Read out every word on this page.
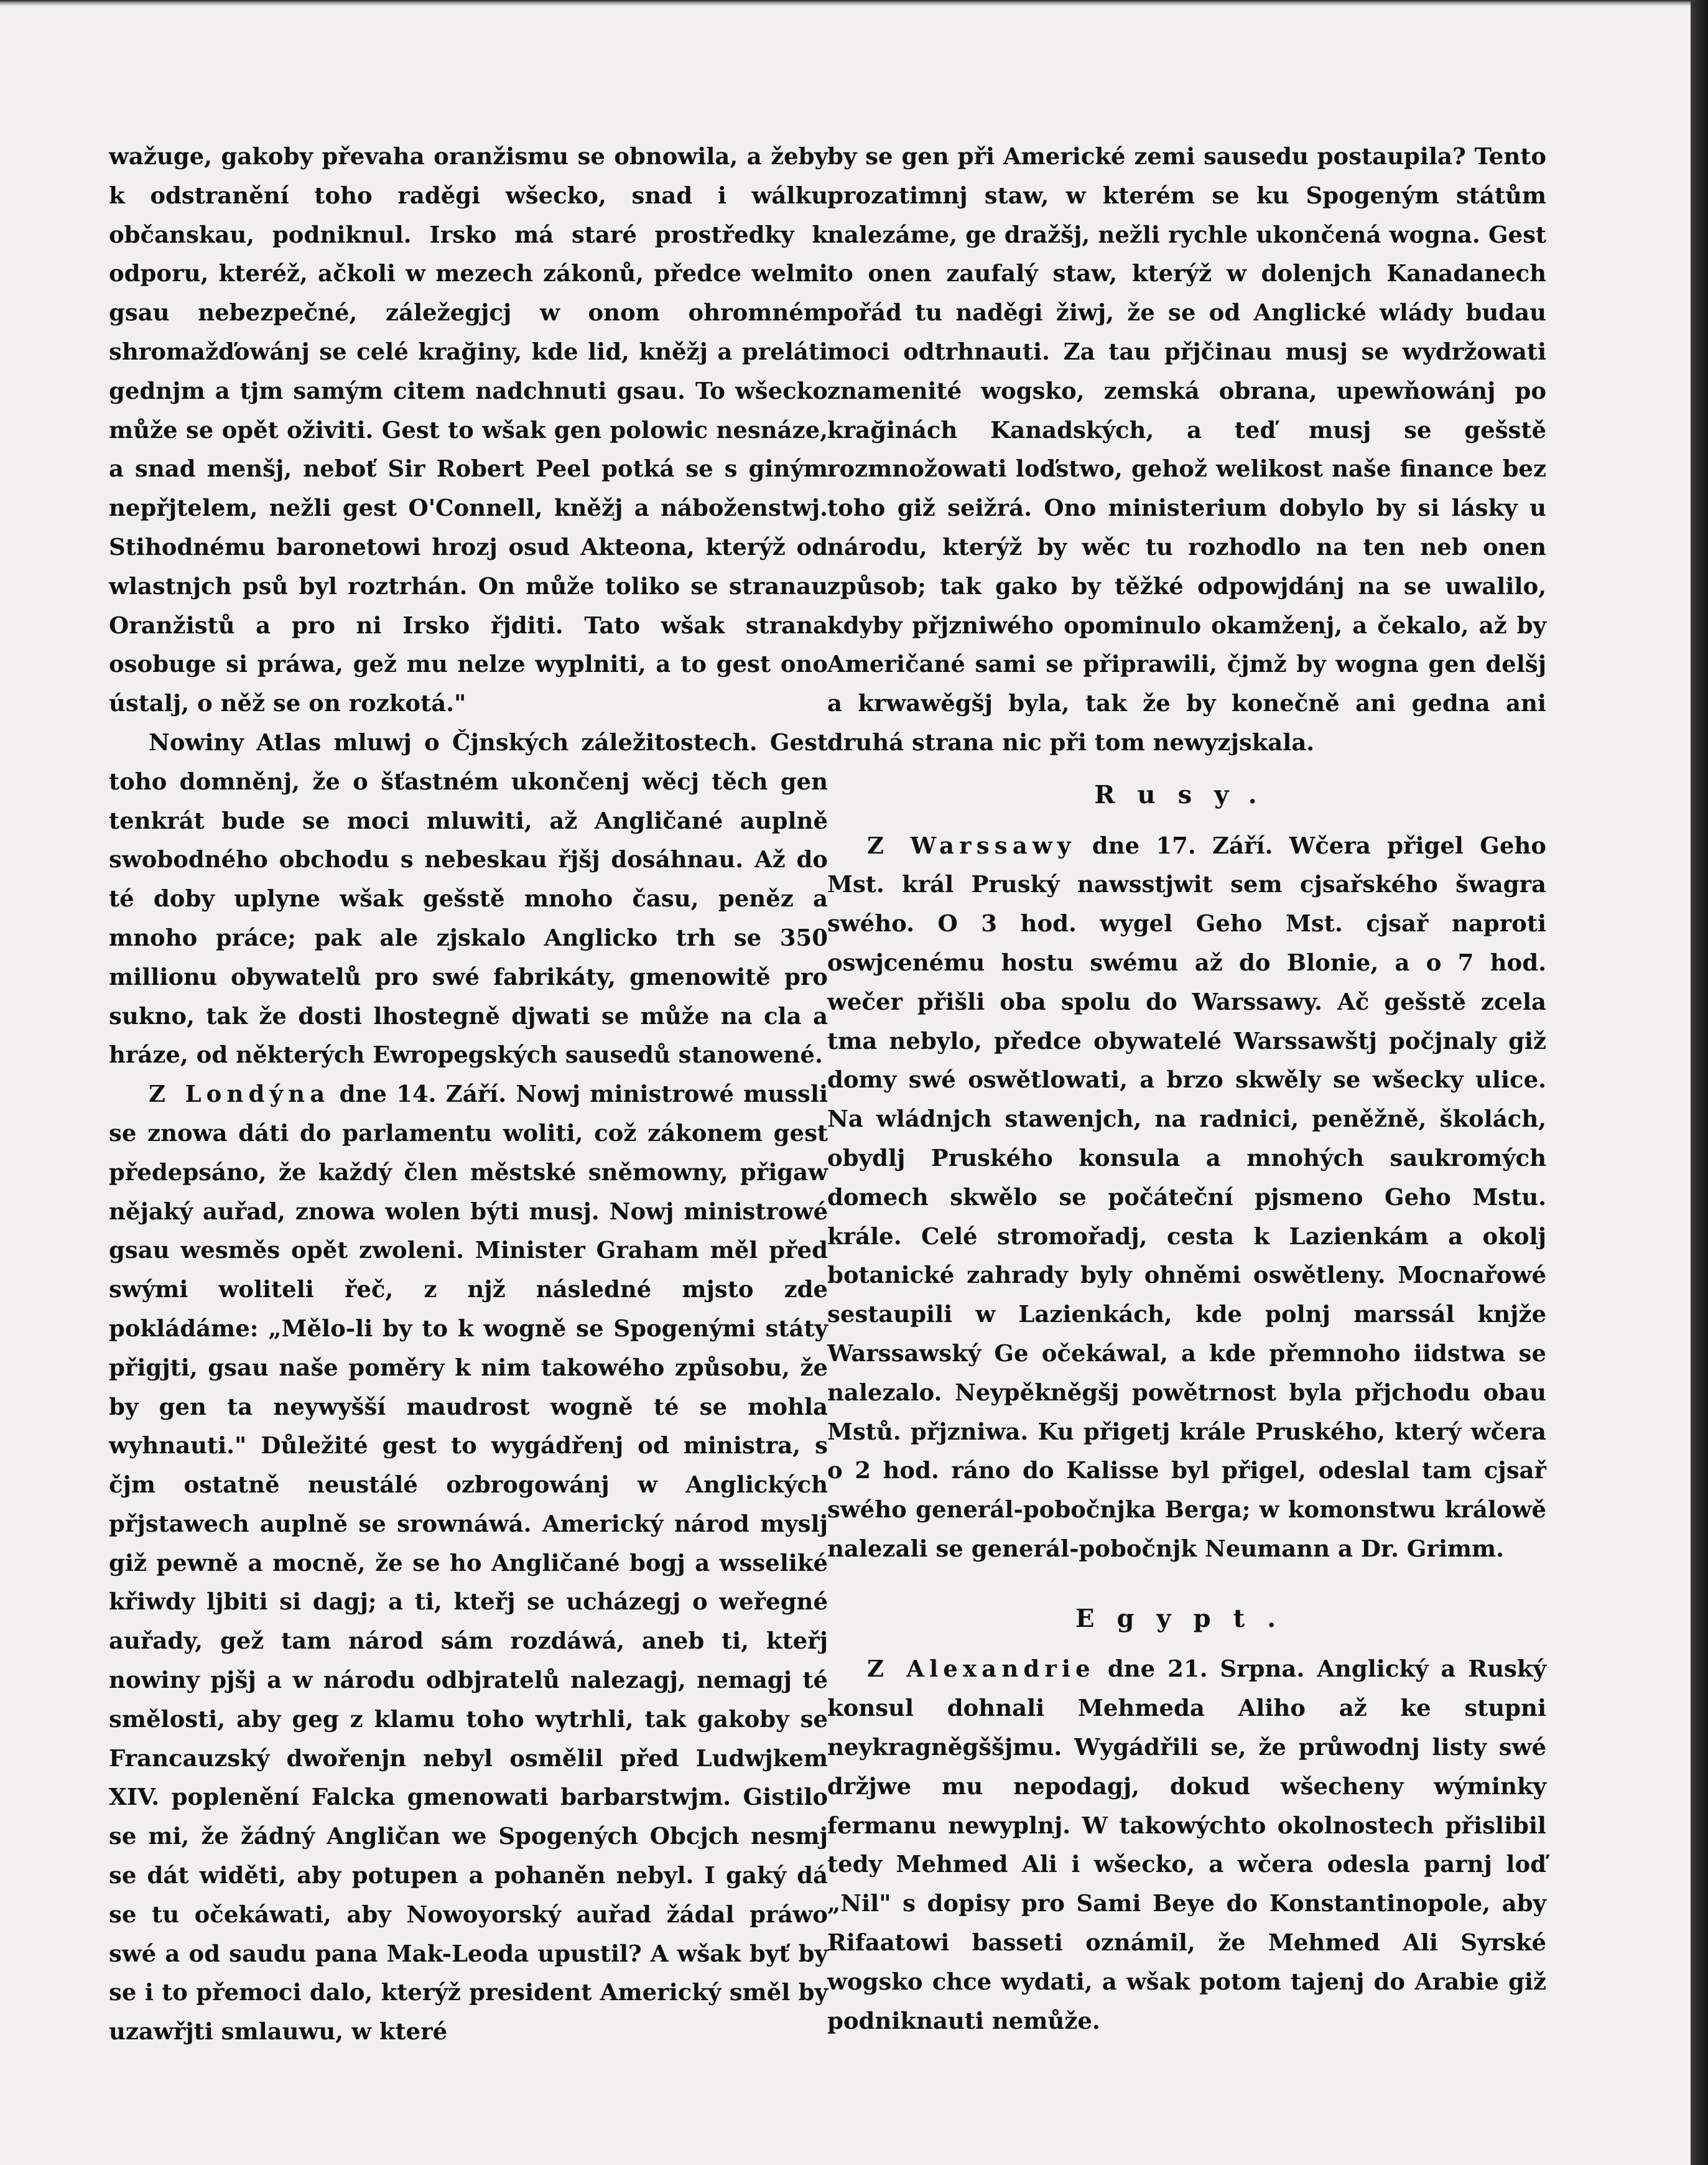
wažuge, gakoby převaha oranžismu se obnowila, a žeby k odstranění toho raděgi wšecko, snad i wálku občanskau, podniknul. Irsko má staré prostředky k odporu, kteréž, ačkoli w mezech zákonů, předce welmi gsau nebezpečné, záležegjcj w onom ohromném shromažďowánj se celé krağiny, kde lid, kněžj a preláti gednjm a tjm samým citem nadchnuti gsau. To wšecko může se opět oživiti. Gest to wšak gen polowic nesnáze, a snad menšj, neboť Sir Robert Peel potká se s giným nepřjtelem, nežli gest O'Connell, kněžj a náboženstwj. Stihodnému baronetowi hrozj osud Akteona, kterýž od wlastnjch psů byl roztrhán. On může toliko se stranau Oranžistů a pro ni Irsko řjditi. Tato wšak strana osobuge si práwa, gež mu nelze wyplniti, a to gest ono ústalj, o něž se on rozkotá."

Nowiny Atlas mluwj o Čjnských záležitostech. Gest toho domněnj, že o šťastném ukončenj wěcj těch gen tenkrát bude se moci mluwiti, až Angličané auplně swobodného obchodu s nebeskau řjšj dosáhnau. Až do té doby uplyne wšak gešstě mnoho času, peněz a mnoho práce; pak ale zjskalo Anglicko trh se 350 millionu obywatelů pro swé fabrikáty, gmenowitě pro sukno, tak že dosti lhostegně djwati se může na cla a hráze, od některých Ewropegských sausedů stanowené.

Z Londýna dne 14. Září. Nowj ministrowé mussli se znowa dáti do parlamentu woliti, což zákonem gest předepsáno, že každý člen městské sněmowny, přigaw nějaký auřad, znowa wolen býti musj. Nowj ministrowé gsau wesměs opět zwoleni. Minister Graham měl před swými woliteli řeč, z njž následné mjsto zde pokládáme: „Mělo-li by to k wogně se Spogenými státy přigjti, gsau naše poměry k nim takowého způsobu, že by gen ta neywyšší maudrost wogně té se mohla wyhnauti." Důležité gest to wygádřenj od ministra, s čjm ostatně neustálé ozbrogowánj w Anglických přjstawech auplně se srownáwá. Americký národ myslj giž pewně a mocně, že se ho Angličané bogj a wsseliké křiwdy ljbiti si dagj; a ti, kteřj se ucházegj o weřegné auřady, gež tam národ sám rozdáwá, aneb ti, kteřj nowiny pjšj a w národu odbjratelů nalezagj, nemagj té smělosti, aby geg z klamu toho wytrhli, tak gakoby se Francauzský dwořenjn nebyl osmělil před Ludwjkem XIV. poplenění Falcka gmenowati barbarstwjm. Gistilo se mi, že žádný Angličan we Spogených Obcjch nesmj se dát widěti, aby potupen a pohaněn nebyl. I gaký dá se tu očekáwati, aby Nowoyorský auřad žádal práwo swé a od saudu pana Mak-Leoda upustil? A wšak byť by se i to přemoci dalo, kterýž president Americký směl by uzawřjti smlauwu, w které

by se gen při Americké zemi sausedu postaupila? Tento prozatimnj staw, w kterém se ku Spogeným státům nalezáme, ge dražšj, nežli rychle ukončená wogna. Gest to onen zaufalý staw, kterýž w dolenjch Kanadanech pořád tu naděgi žiwj, že se od Anglické wlády budau moci odtrhnauti. Za tau přjčinau musj se wydržowati znamenité wogsko, zemská obrana, upewňowánj po krağinách Kanadských, a teď musj se gešstě rozmnožowati loďstwo, gehož welikost naše finance bez toho giž seižrá. Ono ministerium dobylo by si lásky u národu, kterýž by wěc tu rozhodlo na ten neb onen způsob; tak gako by těžké odpowjdánj na se uwalilo, kdyby přjzniwého opominulo okamženj, a čekalo, až by Američané sami se připrawili, čjmž by wogna gen delšj a krwawěgšj byla, tak že by konečně ani gedna ani druhá strana nic při tom newyzjskala.

Rusy.

Z Warssawy dne 17. Září. Wčera přigel Geho Mst. král Pruský nawsstjwit sem cjsařského šwagra swého. O 3 hod. wygel Geho Mst. cjsař naproti oswjcenému hostu swému až do Blonie, a o 7 hod. wečer přišli oba spolu do Warssawy. Ač gešstě zcela tma nebylo, předce obywatelé Warssawštj počjnaly giž domy swé oswětlowati, a brzo skwěly se wšecky ulice. Na wládnjch stawenjch, na radnici, peněžně, školách, obydlj Pruského konsula a mnohých saukromých domech skwělo se počáteční pjsmeno Geho Mstu. krále. Celé stromořadj, cesta k Lazienkám a okolj botanické zahrady byly ohněmi oswětleny. Mocnařowé sestaupili w Lazienkách, kde polnj marssál knjže Warssawský Ge očekáwal, a kde přemnoho iidstwa se nalezalo. Neypěkněgšj powětrnost byla přjchodu obau Mstů. přjzniwa. Ku přigetj krále Pruského, který wčera o 2 hod. ráno do Kalisse byl přigel, odeslal tam cjsař swého generál-pobočnjka Berga; w komonstwu králowě nalezali se generál-pobočnjk Neumann a Dr. Grimm.

Egypt.

Z Alexandrie dne 21. Srpna. Anglický a Ruský konsul dohnali Mehmeda Aliho až ke stupni neykragněgššjmu. Wygádřili se, že průwodnj listy swé držjwe mu nepodagj, dokud wšecheny wýminky fermanu newyplnj. W takowýchto okolnostech přislibil tedy Mehmed Ali i wšecko, a wčera odesla parnj loď „Nil" s dopisy pro Sami Beye do Konstantinopole, aby Rifaatowi basseti oznámil, že Mehmed Ali Syrské wogsko chce wydati, a wšak potom tajenj do Arabie giž podniknauti nemůže.
